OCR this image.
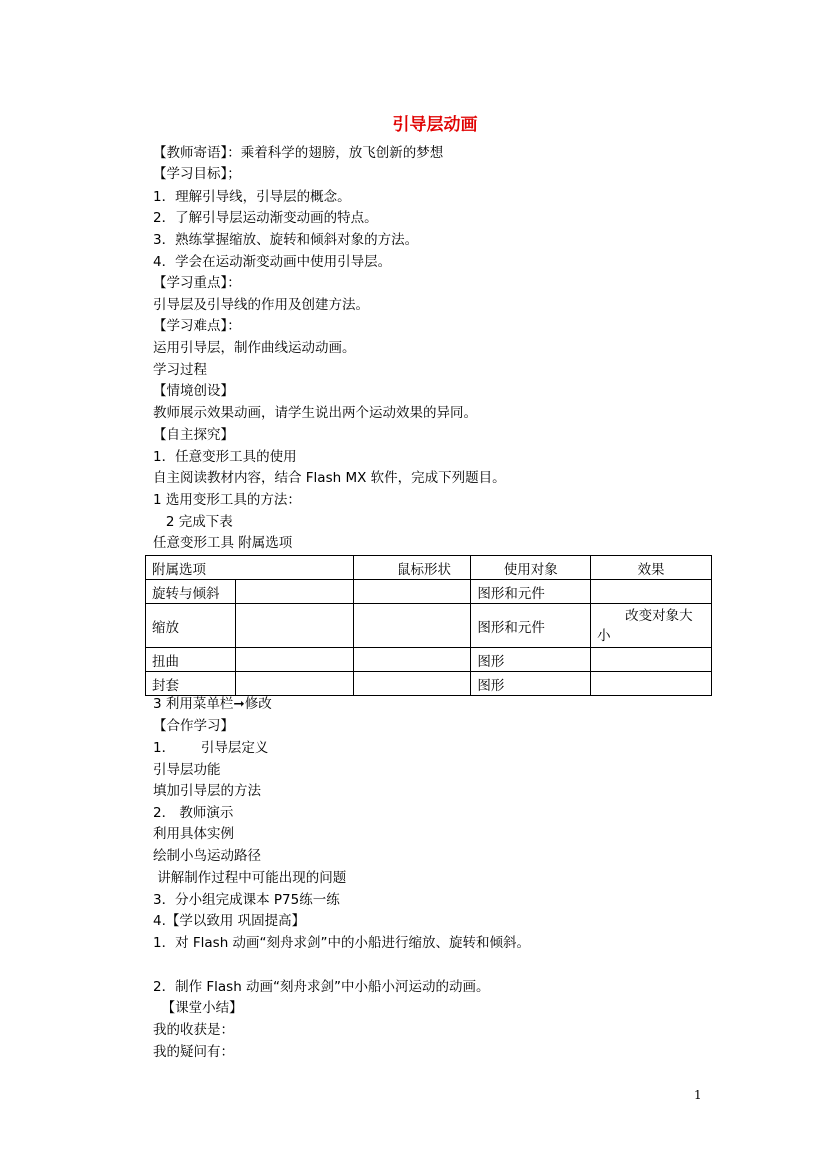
引导层动画
【教师寄语】：乘着科学的翅膀，放飞创新的梦想
【学习目标】；
1．理解引导线，引导层的概念。
2．了解引导层运动渐变动画的特点。
3．熟练掌握缩放、旋转和倾斜对象的方法。
4．学会在运动渐变动画中使用引导层。
【学习重点】：
引导层及引导线的作用及创建方法。
【学习难点】：
运用引导层，制作曲线运动动画。
学习过程
【情境创设】
教师展示效果动画，请学生说出两个运动效果的异同。
【自主探究】
1．任意变形工具的使用
自主阅读教材内容，结合 Flash MX 软件，完成下列题目。
1 选用变形工具的方法：
2 完成下表
任意变形工具 附属选项
附属选项		鼠标形状	使用对象	效果
旋转与倾斜			图形和元件	
缩放			图形和元件	改变对象大小
扭曲			图形	
封套			图形	
3 利用菜单栏➞修改
【合作学习】
1．      引导层定义
引导层功能
填加引导层的方法
2． 教师演示
利用具体实例
绘制小鸟运动路径
讲解制作过程中可能出现的问题
3．分小组完成课本 P75练一练
4.【学以致用 巩固提高】
1．对 Flash 动画“刻舟求剑”中的小船进行缩放、旋转和倾斜。
2．制作 Flash 动画“刻舟求剑”中小船小河运动的动画。
【课堂小结】
我的收获是：
我的疑问有：
1
